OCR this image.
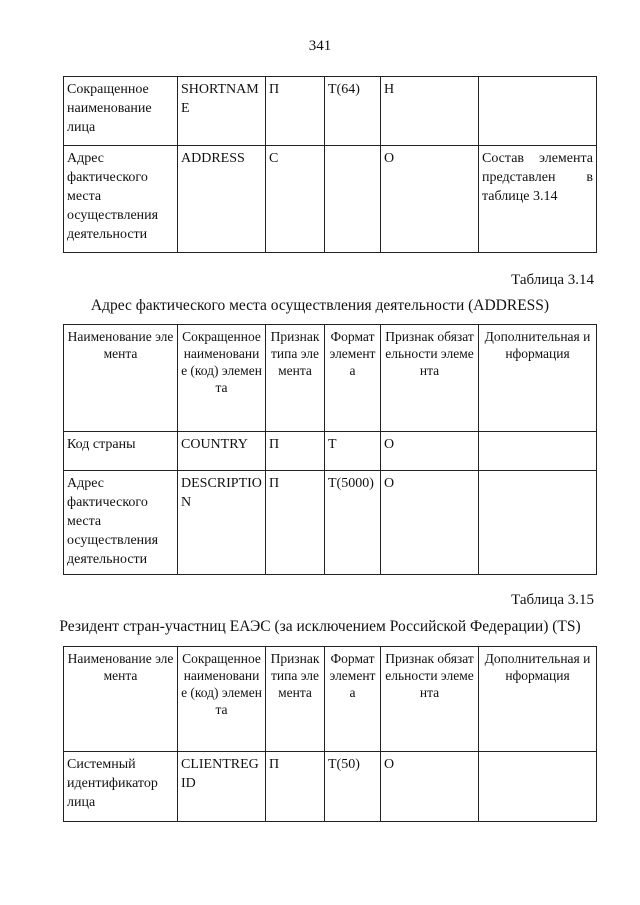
341
Сокращенное наименование лица	SHORTNAME	П	T(64)	Н	
Адрес фактического места осуществления деятельности	ADDRESS	С		О	Состав элемента представлен в таблице 3.14
Таблица 3.14
Адрес фактического места осуществления деятельности (ADDRESS)
Наименование элемента	Сокращенное наименование (код) элемента	Признак типа элемента	Формат элемента	Признак обязательности элемента	Дополнительная информация
Код страны	COUNTRY	П	T	О	
Адрес фактического места осуществления деятельности	DESCRIPTION	П	T(5000)	О	
Таблица 3.15
Резидент стран-участниц ЕАЭС (за исключением Российской Федерации) (TS)
Наименование элемента	Сокращенное наименование (код) элемента	Признак типа элемента	Формат элемента	Признак обязательности элемента	Дополнительная информация
Системный идентификатор лица	CLIENTREGID	П	T(50)	О	
